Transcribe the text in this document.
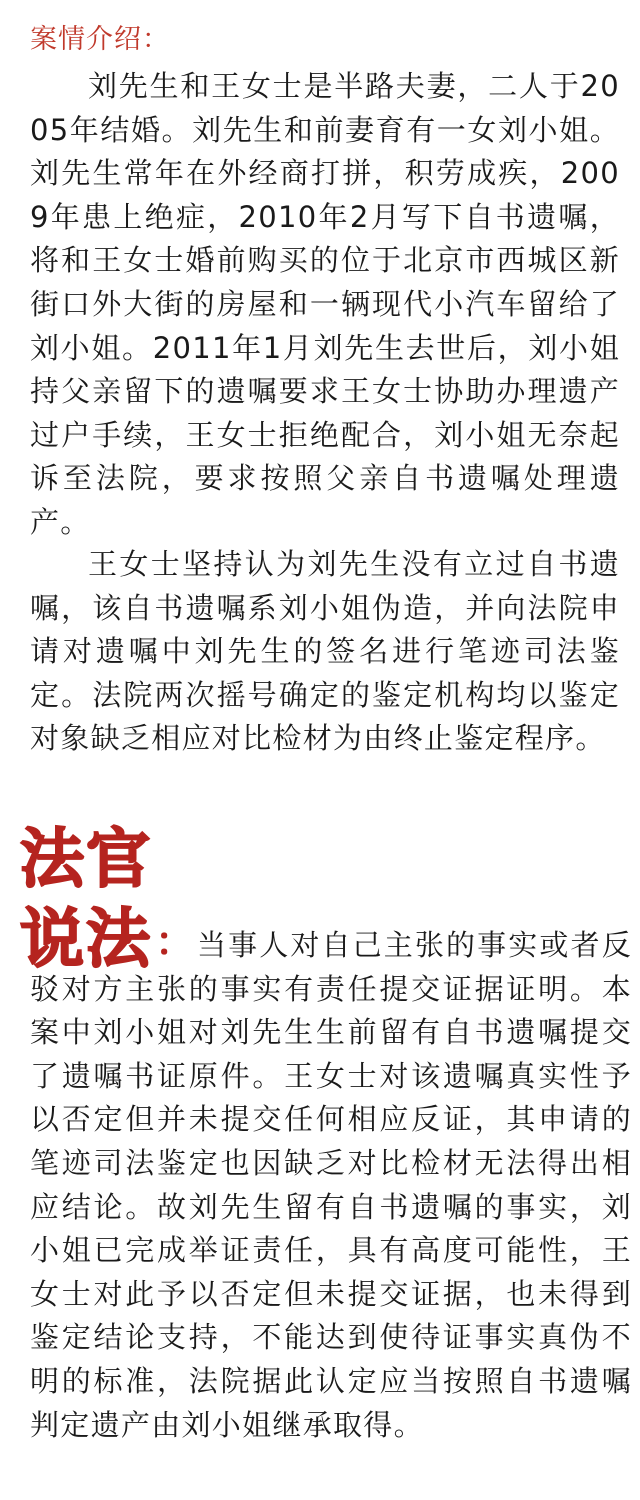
案情介绍：

刘先生和王女士是半路夫妻，二人于2005年结婚。刘先生和前妻育有一女刘小姐。刘先生常年在外经商打拼，积劳成疾，2009年患上绝症，2010年2月写下自书遗嘱，将和王女士婚前购买的位于北京市西城区新街口外大街的房屋和一辆现代小汽车留给了刘小姐。2011年1月刘先生去世后，刘小姐持父亲留下的遗嘱要求王女士协助办理遗产过户手续，王女士拒绝配合，刘小姐无奈起诉至法院，要求按照父亲自书遗嘱处理遗产。

王女士坚持认为刘先生没有立过自书遗嘱，该自书遗嘱系刘小姐伪造，并向法院申请对遗嘱中刘先生的签名进行笔迹司法鉴定。法院两次摇号确定的鉴定机构均以鉴定对象缺乏相应对比检材为由终止鉴定程序。

法官

说法：当事人对自己主张的事实或者反驳对方主张的事实有责任提交证据证明。本案中刘小姐对刘先生生前留有自书遗嘱提交了遗嘱书证原件。王女士对该遗嘱真实性予以否定但并未提交任何相应反证，其申请的笔迹司法鉴定也因缺乏对比检材无法得出相应结论。故刘先生留有自书遗嘱的事实，刘小姐已完成举证责任，具有高度可能性，王女士对此予以否定但未提交证据，也未得到鉴定结论支持，不能达到使待证事实真伪不明的标准，法院据此认定应当按照自书遗嘱判定遗产由刘小姐继承取得。
